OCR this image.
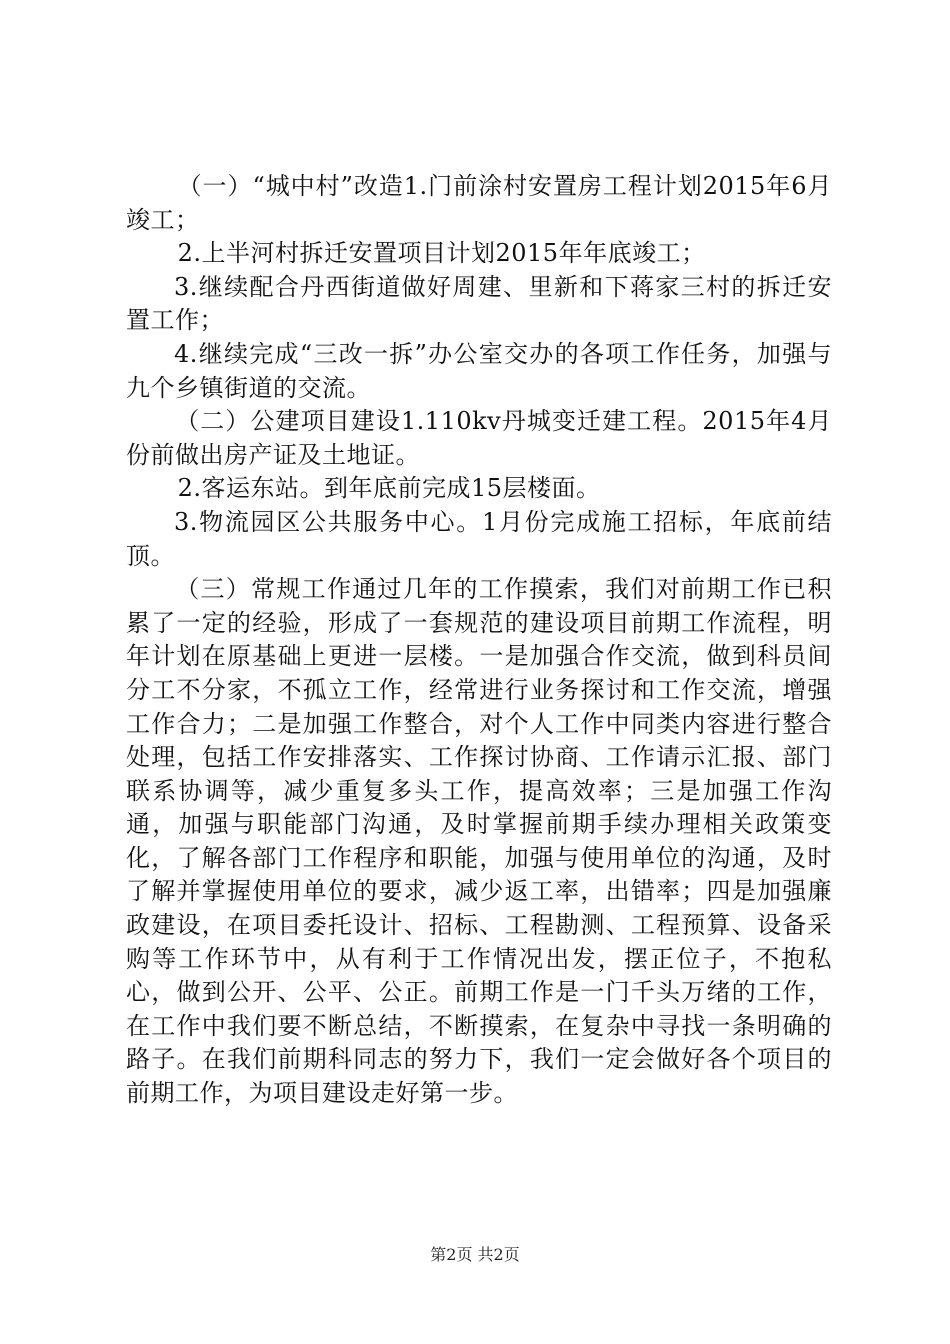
（一）“城中村”改造1.门前涂村安置房工程计划2015年6月竣工；

2.上半河村拆迁安置项目计划2015年年底竣工；

3.继续配合丹西街道做好周建、里新和下蒋家三村的拆迁安置工作；

4.继续完成“三改一拆”办公室交办的各项工作任务，加强与九个乡镇街道的交流。

（二）公建项目建设1.110kv丹城变迁建工程。2015年4月份前做出房产证及土地证。

2.客运东站。到年底前完成15层楼面。

3.物流园区公共服务中心。1月份完成施工招标，年底前结顶。

（三）常规工作通过几年的工作摸索，我们对前期工作已积累了一定的经验，形成了一套规范的建设项目前期工作流程，明年计划在原基础上更进一层楼。一是加强合作交流，做到科员间分工不分家，不孤立工作，经常进行业务探讨和工作交流，增强工作合力；二是加强工作整合，对个人工作中同类内容进行整合处理，包括工作安排落实、工作探讨协商、工作请示汇报、部门联系协调等，减少重复多头工作，提高效率；三是加强工作沟通，加强与职能部门沟通，及时掌握前期手续办理相关政策变化，了解各部门工作程序和职能，加强与使用单位的沟通，及时了解并掌握使用单位的要求，减少返工率，出错率；四是加强廉政建设，在项目委托设计、招标、工程勘测、工程预算、设备采购等工作环节中，从有利于工作情况出发，摆正位子，不抱私心，做到公开、公平、公正。前期工作是一门千头万绪的工作，在工作中我们要不断总结，不断摸索，在复杂中寻找一条明确的路子。在我们前期科同志的努力下，我们一定会做好各个项目的前期工作，为项目建设走好第一步。

第2页 共2页
